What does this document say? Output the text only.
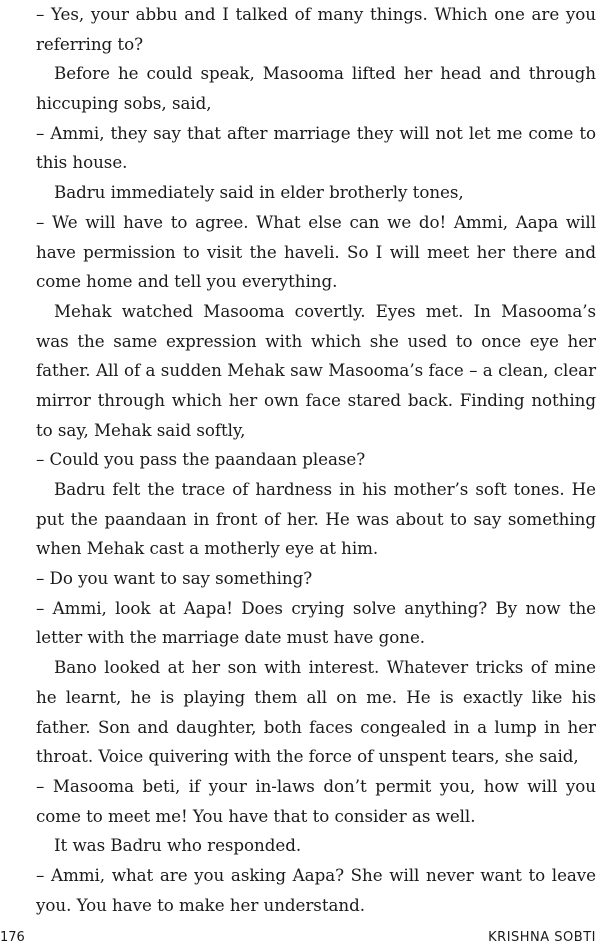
– Yes, your abbu and I talked of many things. Which one are you referring to?

Before he could speak, Masooma lifted her head and through hiccuping sobs, said,

– Ammi, they say that after marriage they will not let me come to this house.

Badru immediately said in elder brotherly tones,

– We will have to agree. What else can we do! Ammi, Aapa will have permission to visit the haveli. So I will meet her there and come home and tell you everything.

Mehak watched Masooma covertly. Eyes met. In Masooma’s was the same expression with which she used to once eye her father. All of a sudden Mehak saw Masooma’s face – a clean, clear mirror through which her own face stared back. Finding nothing to say, Mehak said softly,

– Could you pass the paandaan please?

Badru felt the trace of hardness in his mother’s soft tones. He put the paandaan in front of her. He was about to say something when Mehak cast a motherly eye at him.

– Do you want to say something?

– Ammi, look at Aapa! Does crying solve anything? By now the letter with the marriage date must have gone.

Bano looked at her son with interest. Whatever tricks of mine he learnt, he is playing them all on me. He is exactly like his father. Son and daughter, both faces congealed in a lump in her throat. Voice quivering with the force of unspent tears, she said,

– Masooma beti, if your in-laws don’t permit you, how will you come to meet me! You have that to consider as well.

It was Badru who responded.

– Ammi, what are you asking Aapa? She will never want to leave you. You have to make her understand.

176	KRISHNA SOBTI
